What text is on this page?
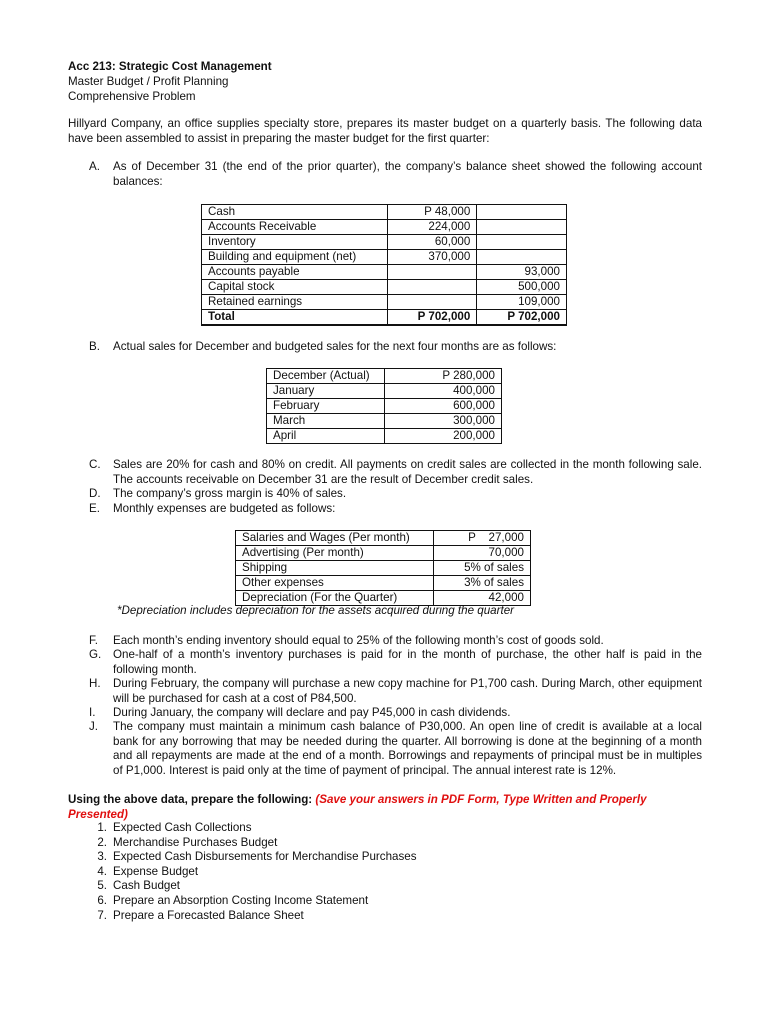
Acc 213: Strategic Cost Management
Master Budget / Profit Planning
Comprehensive Problem
Hillyard Company, an office supplies specialty store, prepares its master budget on a quarterly basis. The following data have been assembled to assist in preparing the master budget for the first quarter:
A.	As of December 31 (the end of the prior quarter), the company’s balance sheet showed the following account balances:
Cash	P 48,000	
Accounts Receivable	224,000	
Inventory	60,000	
Building and equipment (net)	370,000	
Accounts payable		93,000
Capital stock		500,000
Retained earnings		109,000
Total	P 702,000	P 702,000
B.	Actual sales for December and budgeted sales for the next four months are as follows:
December (Actual)	P 280,000
January	400,000
February	600,000
March	300,000
April	200,000
C.	Sales are 20% for cash and 80% on credit. All payments on credit sales are collected in the month following sale. The accounts receivable on December 31 are the result of December credit sales.
D.	The company’s gross margin is 40% of sales.
E.	Monthly expenses are budgeted as follows:
Salaries and Wages (Per month)	P    27,000
Advertising (Per month)	70,000
Shipping	5% of sales
Other expenses	3% of sales
Depreciation (For the Quarter)	42,000
*Depreciation includes depreciation for the assets acquired during the quarter
F.	Each month’s ending inventory should equal to 25% of the following month’s cost of goods sold.
G.	One-half of a month’s inventory purchases is paid for in the month of purchase, the other half is paid in the following month.
H.	During February, the company will purchase a new copy machine for P1,700 cash. During March, other equipment will be purchased for cash at a cost of P84,500.
I.	During January, the company will declare and pay P45,000 in cash dividends.
J.	The company must maintain a minimum cash balance of P30,000. An open line of credit is available at a local bank for any borrowing that may be needed during the quarter. All borrowing is done at the beginning of a month and all repayments are made at the end of a month. Borrowings and repayments of principal must be in multiples of P1,000. Interest is paid only at the time of payment of principal. The annual interest rate is 12%.
Using the above data, prepare the following: (Save your answers in PDF Form, Type Written and Properly Presented)
1. Expected Cash Collections
2. Merchandise Purchases Budget
3. Expected Cash Disbursements for Merchandise Purchases
4. Expense Budget
5. Cash Budget
6. Prepare an Absorption Costing Income Statement
7. Prepare a Forecasted Balance Sheet
